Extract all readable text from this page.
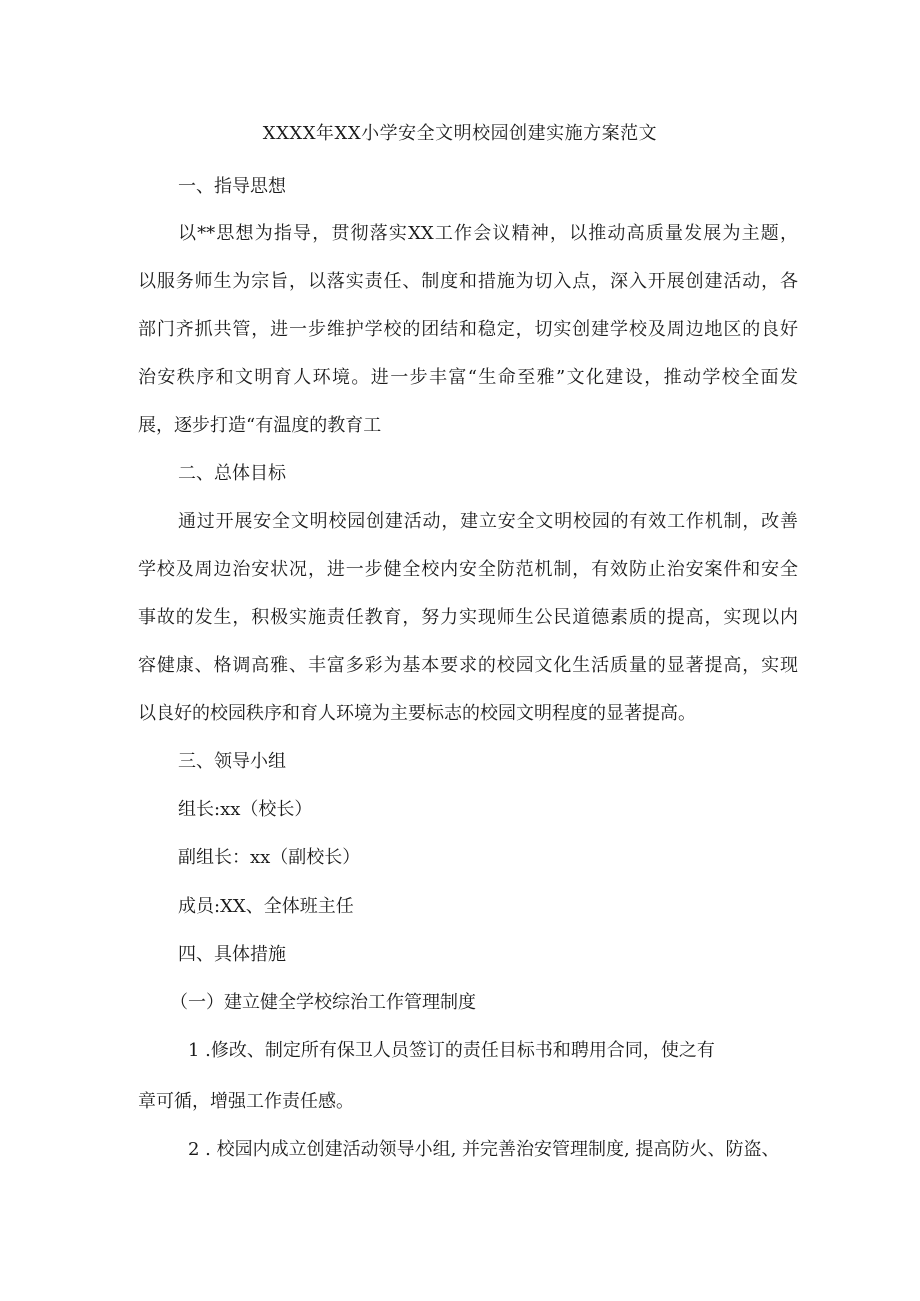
XXXX年XX小学安全文明校园创建实施方案范文

一、指导思想

以**思想为指导，贯彻落实XX工作会议精神，以推动高质量发展为主题，

以服务师生为宗旨，以落实责任、制度和措施为切入点，深入开展创建活动，各

部门齐抓共管，进一步维护学校的团结和稳定，切实创建学校及周边地区的良好

治安秩序和文明育人环境。进一步丰富“生命至雅”文化建设，推动学校全面发

展，逐步打造“有温度的教育工

二、总体目标

通过开展安全文明校园创建活动，建立安全文明校园的有效工作机制，改善

学校及周边治安状况，进一步健全校内安全防范机制，有效防止治安案件和安全

事故的发生，积极实施责任教育，努力实现师生公民道德素质的提高，实现以内

容健康、格调高雅、丰富多彩为基本要求的校园文化生活质量的显著提高，实现

以良好的校园秩序和育人环境为主要标志的校园文明程度的显著提高。

三、领导小组

组长:xx（校长）

副组长：xx（副校长）

成员:XX、全体班主任

四、具体措施

（一）建立健全学校综治工作管理制度

1 .修改、制定所有保卫人员签订的责任目标书和聘用合同，使之有

章可循，增强工作责任感。

2 . 校园内成立创建活动领导小组, 并完善治安管理制度, 提高防火、防盗、
